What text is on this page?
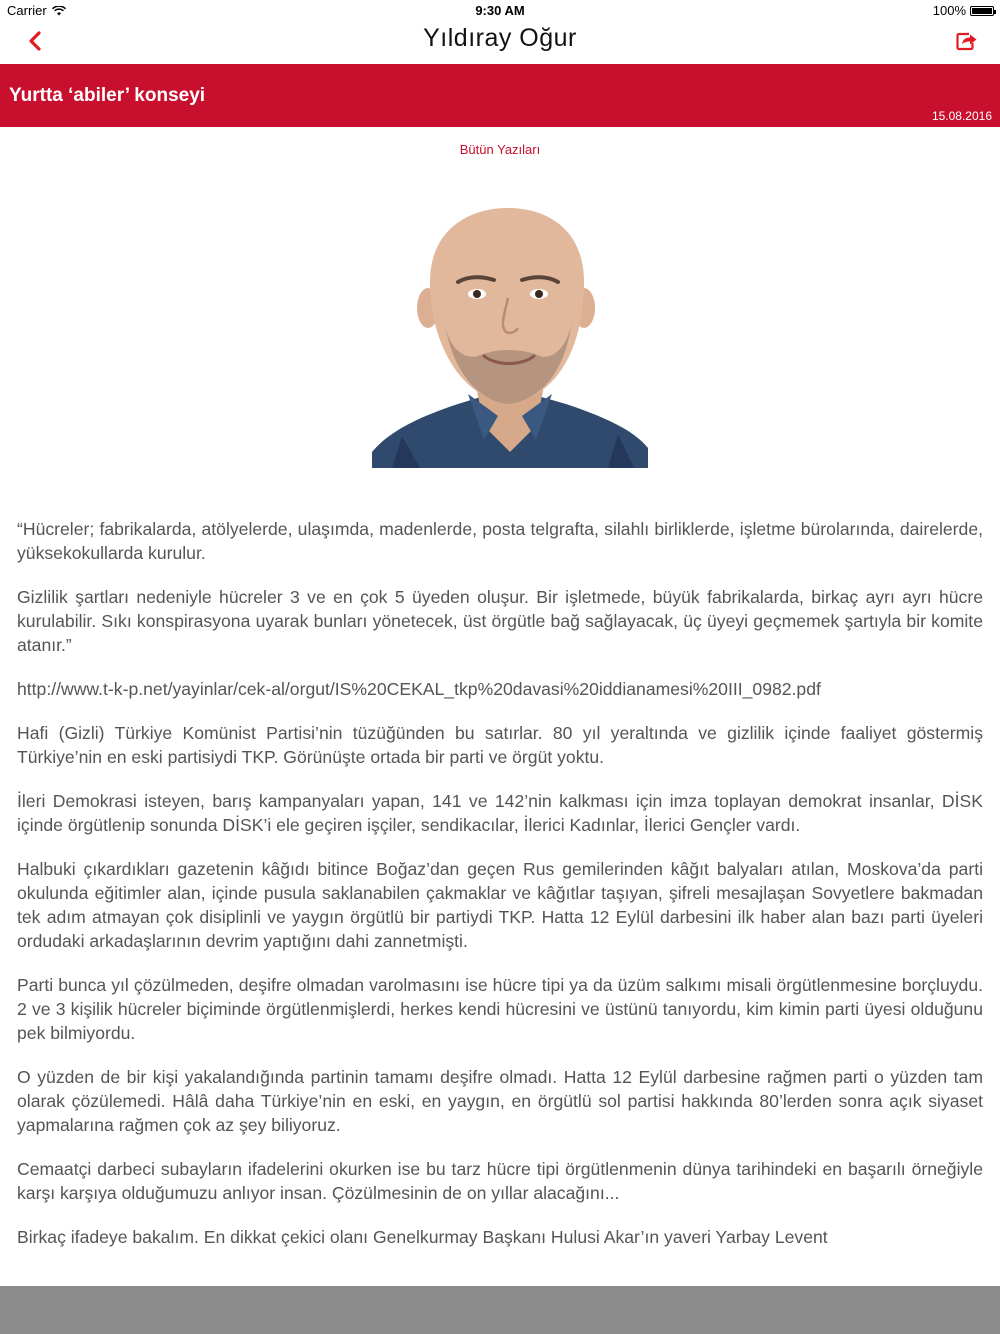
Carrier	9:30 AM	100%
Yıldıray Oğur
Yurtta ‘abiler’ konseyi
15.08.2016
Bütün Yazıları

“Hücreler; fabrikalarda, atölyelerde, ulaşımda, madenlerde, posta telgrafta, silahlı birliklerde, işletme bürolarında, dairelerde, yüksekokullarda kurulur.

Gizlilik şartları nedeniyle hücreler 3 ve en çok 5 üyeden oluşur. Bir işletmede, büyük fabrikalarda, birkaç ayrı ayrı hücre kurulabilir. Sıkı konspirasyona uyarak bunları yönetecek, üst örgütle bağ sağlayacak, üç üyeyi geçmemek şartıyla bir komite atanır.”

http://www.t-k-p.net/yayinlar/cek-al/orgut/IS%20CEKAL_tkp%20davasi%20iddianamesi%20III_0982.pdf

Hafi (Gizli) Türkiye Komünist Partisi’nin tüzüğünden bu satırlar. 80 yıl yeraltında ve gizlilik içinde faaliyet göstermiş Türkiye’nin en eski partisiydi TKP. Görünüşte ortada bir parti ve örgüt yoktu.

İleri Demokrasi isteyen, barış kampanyaları yapan, 141 ve 142’nin kalkması için imza toplayan demokrat insanlar, DİSK içinde örgütlenip sonunda DİSK’i ele geçiren işçiler, sendikacılar, İlerici Kadınlar, İlerici Gençler vardı.

Halbuki çıkardıkları gazetenin kâğıdı bitince Boğaz’dan geçen Rus gemilerinden kâğıt balyaları atılan, Moskova’da parti okulunda eğitimler alan, içinde pusula saklanabilen çakmaklar ve kâğıtlar taşıyan, şifreli mesajlaşan Sovyetlere bakmadan tek adım atmayan çok disiplinli ve yaygın örgütlü bir partiydi TKP. Hatta 12 Eylül darbesini ilk haber alan bazı parti üyeleri ordudaki arkadaşlarının devrim yaptığını dahi zannetmişti.

Parti bunca yıl çözülmeden, deşifre olmadan varolmasını ise hücre tipi ya da üzüm salkımı misali örgütlenmesine borçluydu. 2 ve 3 kişilik hücreler biçiminde örgütlenmişlerdi, herkes kendi hücresini ve üstünü tanıyordu, kim kimin parti üyesi olduğunu pek bilmiyordu.

O yüzden de bir kişi yakalandığında partinin tamamı deşifre olmadı. Hatta 12 Eylül darbesine rağmen parti o yüzden tam olarak çözülemedi. Hâlâ daha Türkiye’nin en eski, en yaygın, en örgütlü sol partisi hakkında 80’lerden sonra açık siyaset yapmalarına rağmen çok az şey biliyoruz.

Cemaatçi darbeci subayların ifadelerini okurken ise bu tarz hücre tipi örgütlenmenin dünya tarihindeki en başarılı örneğiyle karşı karşıya olduğumuzu anlıyor insan. Çözülmesinin de on yıllar alacağını...

Birkaç ifadeye bakalım. En dikkat çekici olanı Genelkurmay Başkanı Hulusi Akar’ın yaveri Yarbay Levent
